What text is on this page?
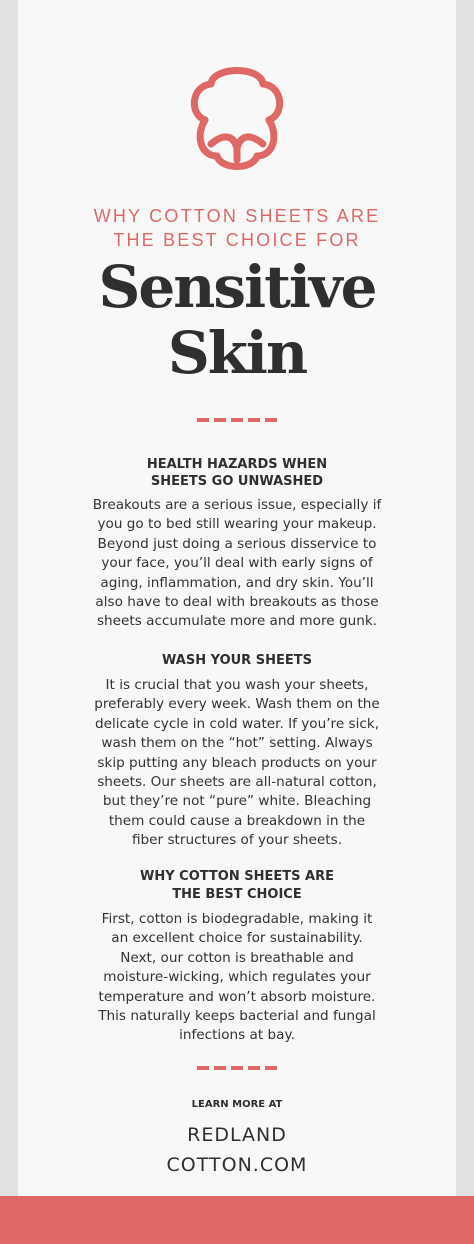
WHY COTTON SHEETS ARE
THE BEST CHOICE FOR
Sensitive
Skin
HEALTH HAZARDS WHEN
SHEETS GO UNWASHED
Breakouts are a serious issue, especially if
you go to bed still wearing your makeup.
Beyond just doing a serious disservice to
your face, you’ll deal with early signs of
aging, inflammation, and dry skin. You’ll
also have to deal with breakouts as those
sheets accumulate more and more gunk.
WASH YOUR SHEETS
It is crucial that you wash your sheets,
preferably every week. Wash them on the
delicate cycle in cold water. If you’re sick,
wash them on the “hot” setting. Always
skip putting any bleach products on your
sheets. Our sheets are all-natural cotton,
but they’re not “pure” white. Bleaching
them could cause a breakdown in the
fiber structures of your sheets.
WHY COTTON SHEETS ARE
THE BEST CHOICE
First, cotton is biodegradable, making it
an excellent choice for sustainability.
Next, our cotton is breathable and
moisture-wicking, which regulates your
temperature and won’t absorb moisture.
This naturally keeps bacterial and fungal
infections at bay.
LEARN MORE AT
REDLAND
COTTON.COM
